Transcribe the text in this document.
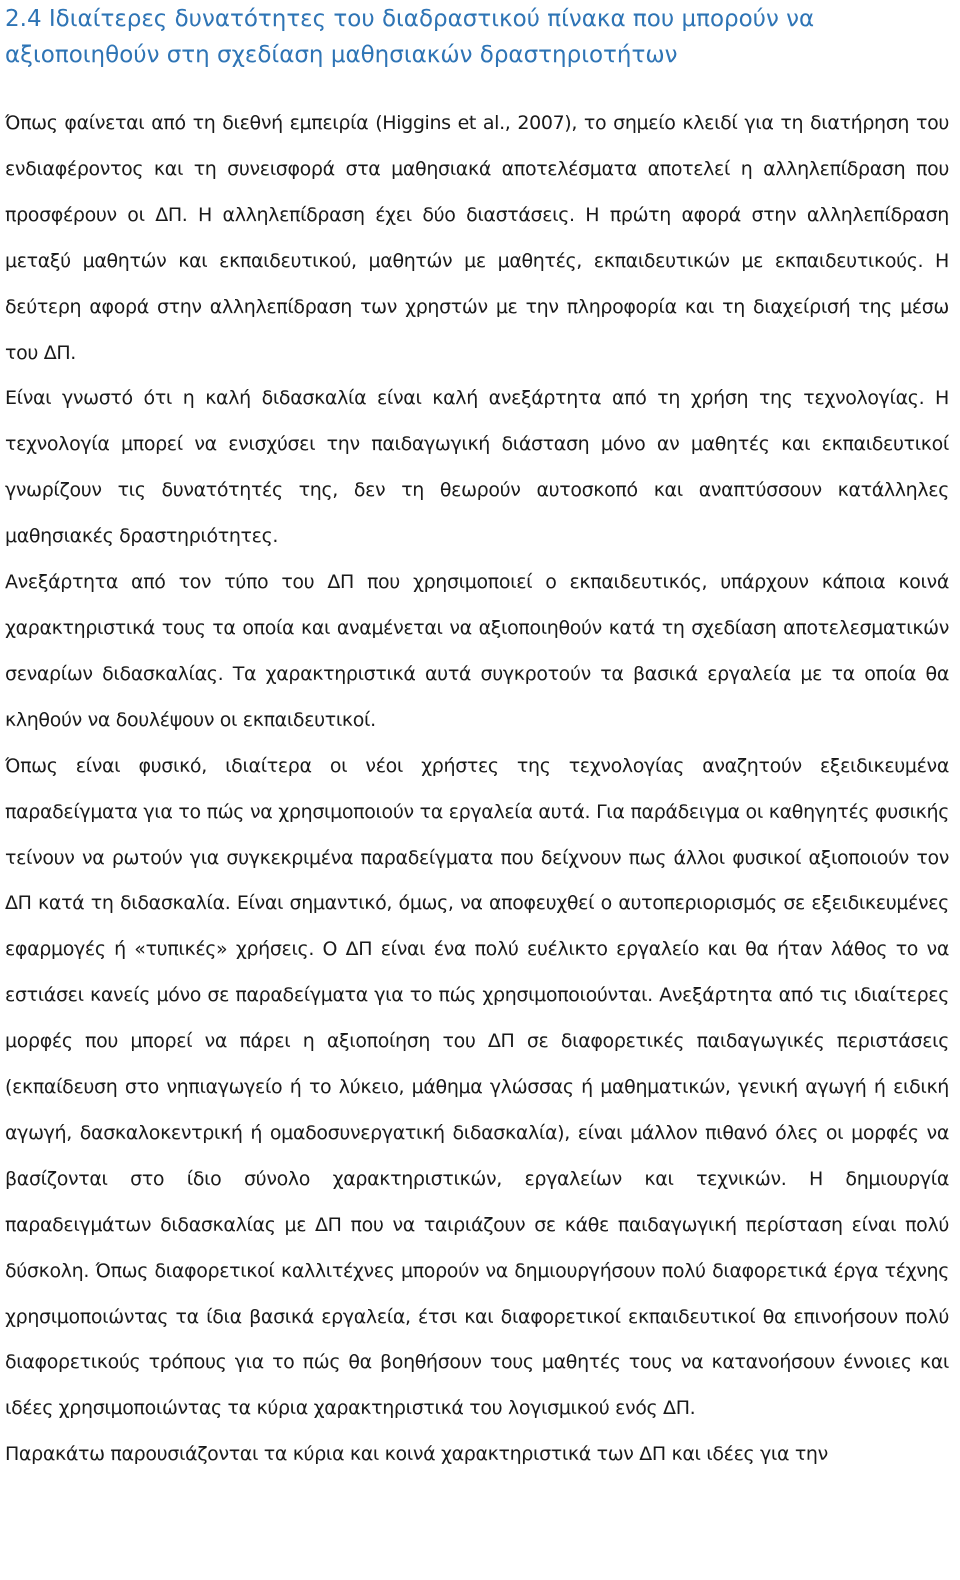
2.4 Ιδιαίτερες δυνατότητες του διαδραστικού πίνακα που μπορούν να αξιοποιηθούν στη σχεδίαση μαθησιακών δραστηριοτήτων

Όπως φαίνεται από τη διεθνή εμπειρία (Higgins et al., 2007), το σημείο κλειδί για τη διατήρηση του ενδιαφέροντος και τη συνεισφορά στα μαθησιακά αποτελέσματα αποτελεί η αλληλεπίδραση που προσφέρουν οι ΔΠ. Η αλληλεπίδραση έχει δύο διαστάσεις. Η πρώτη αφορά στην αλληλεπίδραση μεταξύ μαθητών και εκπαιδευτικού, μαθητών με μαθητές, εκπαιδευτικών με εκπαιδευτικούς. Η δεύτερη αφορά στην αλληλεπίδραση των χρηστών με την πληροφορία και τη διαχείρισή της μέσω του ΔΠ.

Είναι γνωστό ότι η καλή διδασκαλία είναι καλή ανεξάρτητα από τη χρήση της τεχνολογίας. Η τεχνολογία μπορεί να ενισχύσει την παιδαγωγική διάσταση μόνο αν μαθητές και εκπαιδευτικοί γνωρίζουν τις δυνατότητές της, δεν τη θεωρούν αυτοσκοπό και αναπτύσσουν κατάλληλες μαθησιακές δραστηριότητες.

Ανεξάρτητα από τον τύπο του ΔΠ που χρησιμοποιεί ο εκπαιδευτικός, υπάρχουν κάποια κοινά χαρακτηριστικά τους τα οποία και αναμένεται να αξιοποιηθούν κατά τη σχεδίαση αποτελεσματικών σεναρίων διδασκαλίας. Τα χαρακτηριστικά αυτά συγκροτούν τα βασικά εργαλεία με τα οποία θα κληθούν να δουλέψουν οι εκπαιδευτικοί.

Όπως είναι φυσικό, ιδιαίτερα οι νέοι χρήστες της τεχνολογίας αναζητούν εξειδικευμένα παραδείγματα για το πώς να χρησιμοποιούν τα εργαλεία αυτά. Για παράδειγμα οι καθηγητές φυσικής τείνουν να ρωτούν για συγκεκριμένα παραδείγματα που δείχνουν πως άλλοι φυσικοί αξιοποιούν τον ΔΠ κατά τη διδασκαλία. Είναι σημαντικό, όμως, να αποφευχθεί ο αυτοπεριορισμός σε εξειδικευμένες εφαρμογές ή «τυπικές» χρήσεις. Ο ΔΠ είναι ένα πολύ ευέλικτο εργαλείο και θα ήταν λάθος το να εστιάσει κανείς μόνο σε παραδείγματα για το πώς χρησιμοποιούνται. Ανεξάρτητα από τις ιδιαίτερες μορφές που μπορεί να πάρει η αξιοποίηση του ΔΠ σε διαφορετικές παιδαγωγικές περιστάσεις (εκπαίδευση στο νηπιαγωγείο ή το λύκειο, μάθημα γλώσσας ή μαθηματικών, γενική αγωγή ή ειδική αγωγή, δασκαλοκεντρική ή ομαδοσυνεργατική διδασκαλία), είναι μάλλον πιθανό όλες οι μορφές να βασίζονται στο ίδιο σύνολο χαρακτηριστικών, εργαλείων και τεχνικών. Η δημιουργία παραδειγμάτων διδασκαλίας με ΔΠ που να ταιριάζουν σε κάθε παιδαγωγική περίσταση είναι πολύ δύσκολη. Όπως διαφορετικοί καλλιτέχνες μπορούν να δημιουργήσουν πολύ διαφορετικά έργα τέχνης χρησιμοποιώντας τα ίδια βασικά εργαλεία, έτσι και διαφορετικοί εκπαιδευτικοί θα επινοήσουν πολύ διαφορετικούς τρόπους για το πώς θα βοηθήσουν τους μαθητές τους να κατανοήσουν έννοιες και ιδέες χρησιμοποιώντας τα κύρια χαρακτηριστικά του λογισμικού ενός ΔΠ.

Παρακάτω παρουσιάζονται τα κύρια και κοινά χαρακτηριστικά των ΔΠ και ιδέες για την
